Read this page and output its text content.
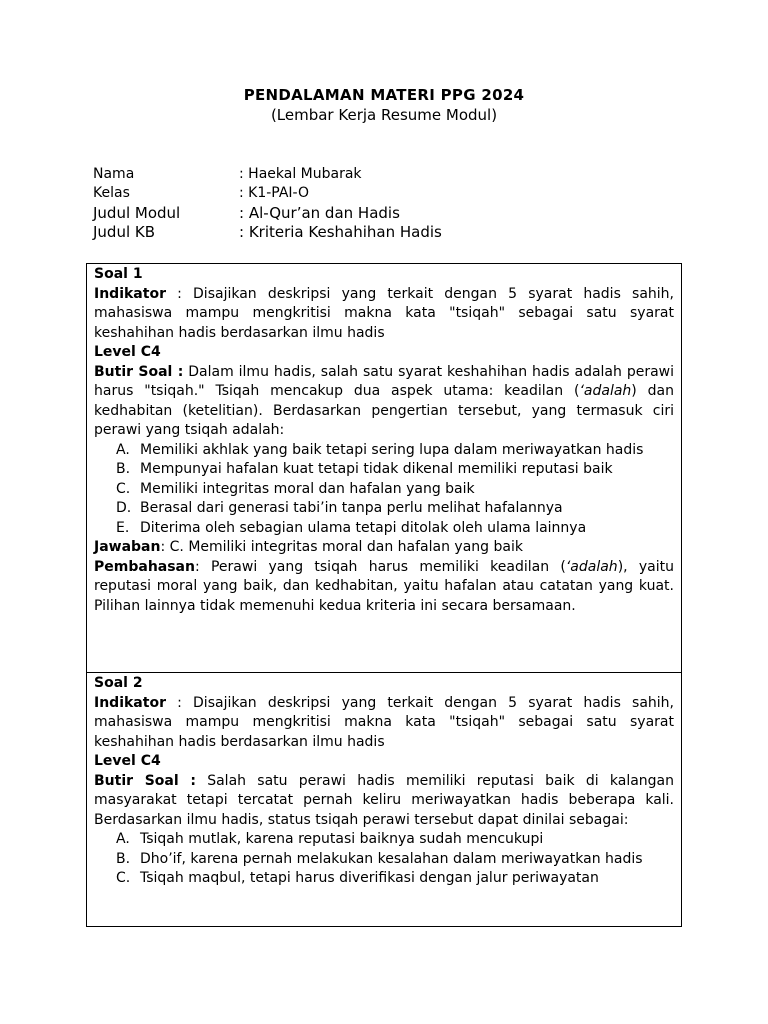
PENDALAMAN MATERI PPG 2024
(Lembar Kerja Resume Modul)
Nama	: Haekal Mubarak
Kelas	: K1-PAI-O
Judul Modul	: Al-Qur’an dan Hadis
Judul KB	: Kriteria Keshahihan Hadis
Soal 1
Indikator : Disajikan deskripsi yang terkait dengan 5 syarat hadis sahih, mahasiswa mampu mengkritisi makna kata "tsiqah" sebagai satu syarat keshahihan hadis berdasarkan ilmu hadis
Level C4
Butir Soal : Dalam ilmu hadis, salah satu syarat keshahihan hadis adalah perawi harus "tsiqah." Tsiqah mencakup dua aspek utama: keadilan (‘adalah) dan kedhabitan (ketelitian). Berdasarkan pengertian tersebut, yang termasuk ciri perawi yang tsiqah adalah:
A. Memiliki akhlak yang baik tetapi sering lupa dalam meriwayatkan hadis
B. Mempunyai hafalan kuat tetapi tidak dikenal memiliki reputasi baik
C. Memiliki integritas moral dan hafalan yang baik
D. Berasal dari generasi tabi’in tanpa perlu melihat hafalannya
E. Diterima oleh sebagian ulama tetapi ditolak oleh ulama lainnya
Jawaban: C. Memiliki integritas moral dan hafalan yang baik
Pembahasan: Perawi yang tsiqah harus memiliki keadilan (‘adalah), yaitu reputasi moral yang baik, dan kedhabitan, yaitu hafalan atau catatan yang kuat. Pilihan lainnya tidak memenuhi kedua kriteria ini secara bersamaan.
Soal 2
Indikator : Disajikan deskripsi yang terkait dengan 5 syarat hadis sahih, mahasiswa mampu mengkritisi makna kata "tsiqah" sebagai satu syarat keshahihan hadis berdasarkan ilmu hadis
Level C4
Butir Soal : Salah satu perawi hadis memiliki reputasi baik di kalangan masyarakat tetapi tercatat pernah keliru meriwayatkan hadis beberapa kali. Berdasarkan ilmu hadis, status tsiqah perawi tersebut dapat dinilai sebagai:
A. Tsiqah mutlak, karena reputasi baiknya sudah mencukupi
B. Dho’if, karena pernah melakukan kesalahan dalam meriwayatkan hadis
C. Tsiqah maqbul, tetapi harus diverifikasi dengan jalur periwayatan
